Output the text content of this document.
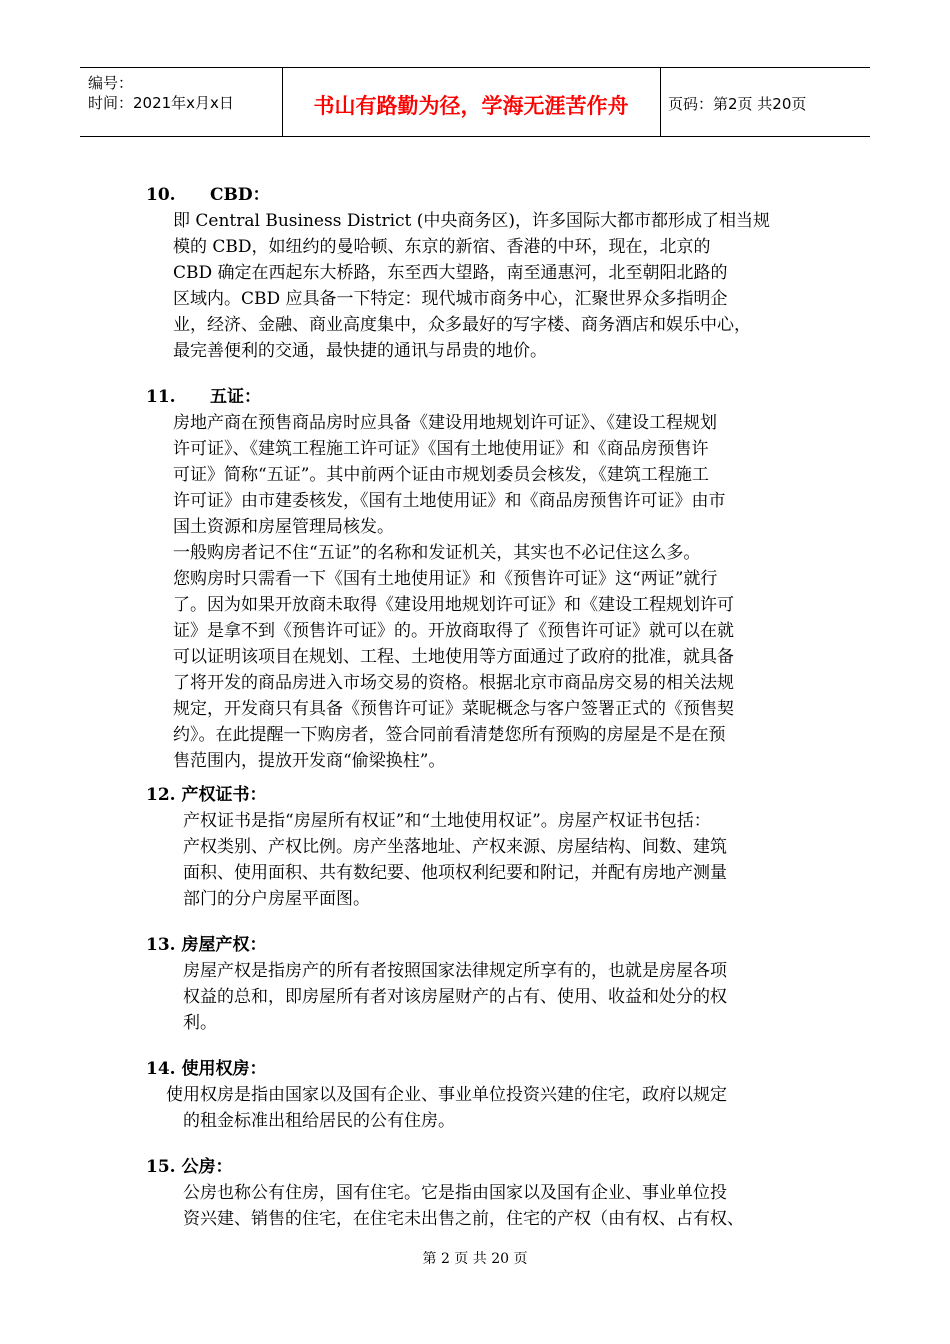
编号：
时间：2021年x月x日	书山有路勤为径，学海无涯苦作舟	页码：第2页 共20页
10. CBD：
即 Central Business District (中央商务区)，许多国际大都市都形成了相当规
模的 CBD，如纽约的曼哈顿、东京的新宿、香港的中环，现在，北京的
CBD 确定在西起东大桥路，东至西大望路，南至通惠河，北至朝阳北路的
区域内。CBD 应具备一下特定：现代城市商务中心，汇聚世界众多指明企
业，经济、金融、商业高度集中，众多最好的写字楼、商务酒店和娱乐中心，
最完善便利的交通，最快捷的通讯与昂贵的地价。
11. 五证：
房地产商在预售商品房时应具备《建设用地规划许可证》、《建设工程规划
许可证》、《建筑工程施工许可证》《国有土地使用证》和《商品房预售许
可证》简称“五证”。其中前两个证由市规划委员会核发，《建筑工程施工
许可证》由市建委核发，《国有土地使用证》和《商品房预售许可证》由市
国土资源和房屋管理局核发。
一般购房者记不住“五证”的名称和发证机关，其实也不必记住这么多。
您购房时只需看一下《国有土地使用证》和《预售许可证》这“两证”就行
了。因为如果开放商未取得《建设用地规划许可证》和《建设工程规划许可
证》是拿不到《预售许可证》的。开放商取得了《预售许可证》就可以在就
可以证明该项目在规划、工程、土地使用等方面通过了政府的批准，就具备
了将开发的商品房进入市场交易的资格。根据北京市商品房交易的相关法规
规定，开发商只有具备《预售许可证》菜昵概念与客户签署正式的《预售契
约》。在此提醒一下购房者，签合同前看清楚您所有预购的房屋是不是在预
售范围内，提放开发商“偷梁换柱”。
12. 产权证书：
产权证书是指“房屋所有权证”和“土地使用权证”。房屋产权证书包括：
产权类别、产权比例。房产坐落地址、产权来源、房屋结构、间数、建筑
面积、使用面积、共有数纪要、他项权利纪要和附记，并配有房地产测量
部门的分户房屋平面图。
13. 房屋产权：
房屋产权是指房产的所有者按照国家法律规定所享有的，也就是房屋各项
权益的总和，即房屋所有者对该房屋财产的占有、使用、收益和处分的权
利。
14. 使用权房：
使用权房是指由国家以及国有企业、事业单位投资兴建的住宅，政府以规定
的租金标准出租给居民的公有住房。
15. 公房：
公房也称公有住房，国有住宅。它是指由国家以及国有企业、事业单位投
资兴建、销售的住宅，在住宅未出售之前，住宅的产权（由有权、占有权、
第 2 页 共 20 页
